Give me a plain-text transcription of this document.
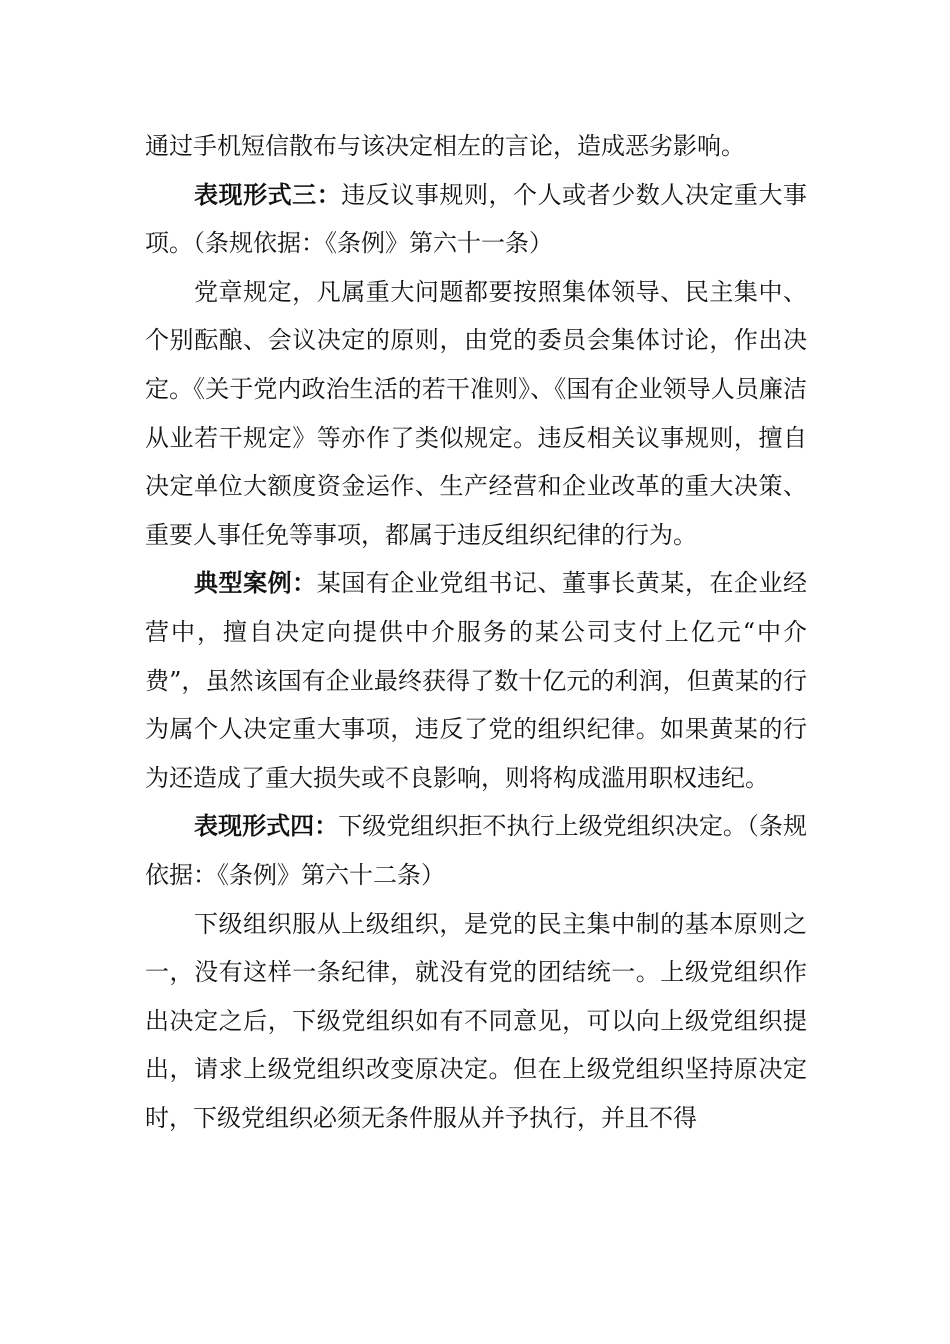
通过手机短信散布与该决定相左的言论，造成恶劣影响。

表现形式三：违反议事规则，个人或者少数人决定重大事项。（条规依据：《条例》第六十一条）

党章规定，凡属重大问题都要按照集体领导、民主集中、个别酝酿、会议决定的原则，由党的委员会集体讨论，作出决定。《关于党内政治生活的若干准则》、《国有企业领导人员廉洁从业若干规定》等亦作了类似规定。违反相关议事规则，擅自决定单位大额度资金运作、生产经营和企业改革的重大决策、重要人事任免等事项，都属于违反组织纪律的行为。

典型案例：某国有企业党组书记、董事长黄某，在企业经营中，擅自决定向提供中介服务的某公司支付上亿元“中介费”，虽然该国有企业最终获得了数十亿元的利润，但黄某的行为属个人决定重大事项，违反了党的组织纪律。如果黄某的行为还造成了重大损失或不良影响，则将构成滥用职权违纪。

表现形式四：下级党组织拒不执行上级党组织决定。（条规依据：《条例》第六十二条）

下级组织服从上级组织，是党的民主集中制的基本原则之一，没有这样一条纪律，就没有党的团结统一。上级党组织作出决定之后，下级党组织如有不同意见，可以向上级党组织提出，请求上级党组织改变原决定。但在上级党组织坚持原决定时，下级党组织必须无条件服从并予执行，并且不得
